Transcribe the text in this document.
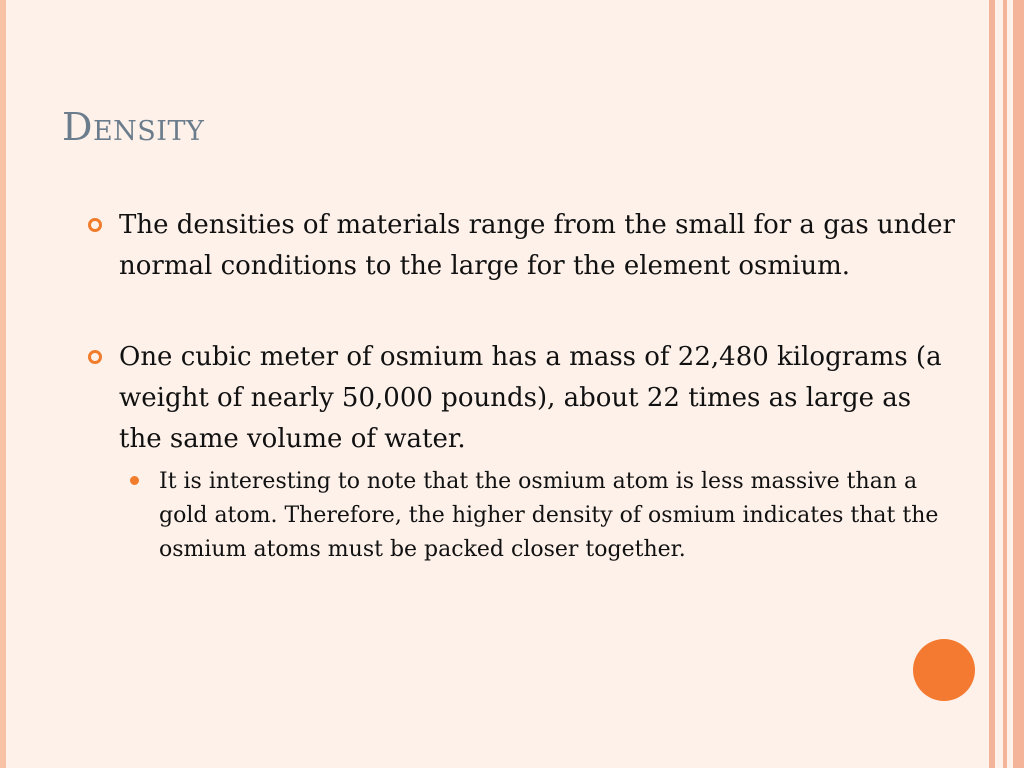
Density
The densities of materials range from the small for a gas under normal conditions to the large for the element osmium.
One cubic meter of osmium has a mass of 22,480 kilograms (a weight of nearly 50,000 pounds), about 22 times as large as the same volume of water.
It is interesting to note that the osmium atom is less massive than a gold atom. Therefore, the higher density of osmium indicates that the osmium atoms must be packed closer together.
